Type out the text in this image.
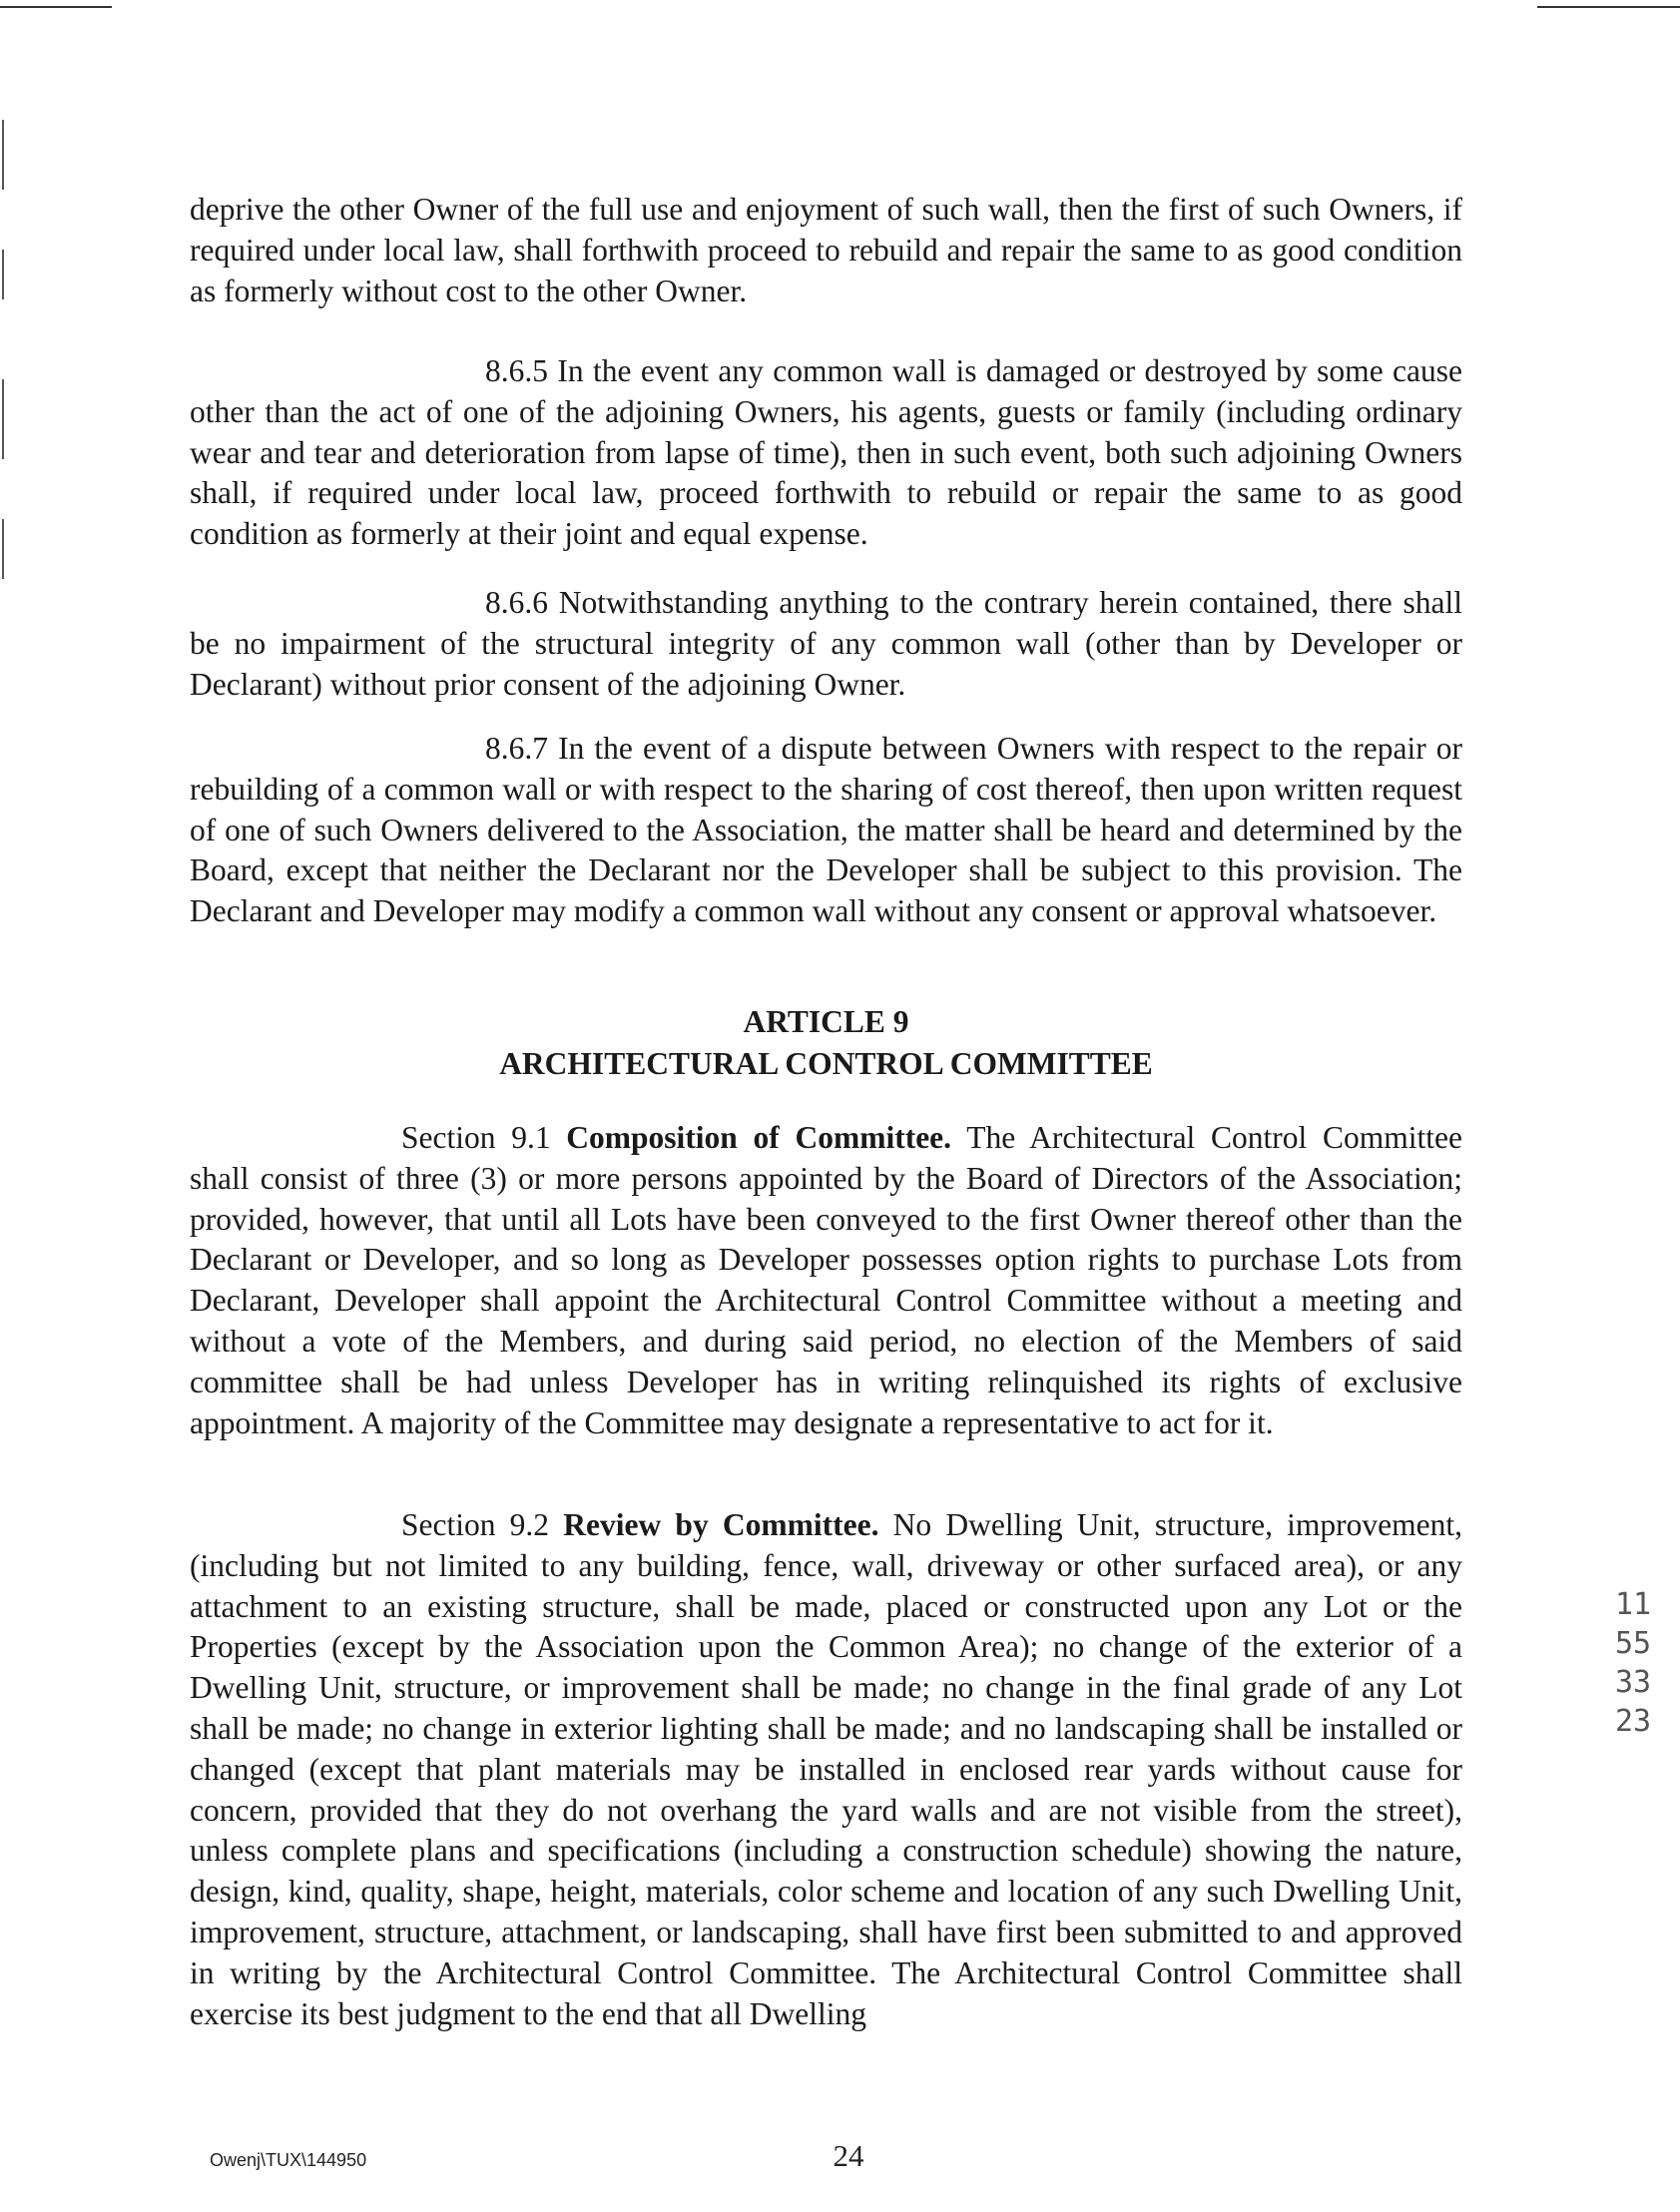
deprive the other Owner of the full use and enjoyment of such wall, then the first of such Owners, if required under local law, shall forthwith proceed to rebuild and repair the same to as good condition as formerly without cost to the other Owner.

8.6.5 In the event any common wall is damaged or destroyed by some cause other than the act of one of the adjoining Owners, his agents, guests or family (including ordinary wear and tear and deterioration from lapse of time), then in such event, both such adjoining Owners shall, if required under local law, proceed forthwith to rebuild or repair the same to as good condition as formerly at their joint and equal expense.

8.6.6 Notwithstanding anything to the contrary herein contained, there shall be no impairment of the structural integrity of any common wall (other than by Developer or Declarant) without prior consent of the adjoining Owner.

8.6.7 In the event of a dispute between Owners with respect to the repair or rebuilding of a common wall or with respect to the sharing of cost thereof, then upon written request of one of such Owners delivered to the Association, the matter shall be heard and determined by the Board, except that neither the Declarant nor the Developer shall be subject to this provision. The Declarant and Developer may modify a common wall without any consent or approval whatsoever.

ARTICLE 9
ARCHITECTURAL CONTROL COMMITTEE

Section 9.1 Composition of Committee. The Architectural Control Committee shall consist of three (3) or more persons appointed by the Board of Directors of the Association; provided, however, that until all Lots have been conveyed to the first Owner thereof other than the Declarant or Developer, and so long as Developer possesses option rights to purchase Lots from Declarant, Developer shall appoint the Architectural Control Committee without a meeting and without a vote of the Members, and during said period, no election of the Members of said committee shall be had unless Developer has in writing relinquished its rights of exclusive appointment. A majority of the Committee may designate a representative to act for it.

Section 9.2 Review by Committee. No Dwelling Unit, structure, improvement, (including but not limited to any building, fence, wall, driveway or other surfaced area), or any attachment to an existing structure, shall be made, placed or constructed upon any Lot or the Properties (except by the Association upon the Common Area); no change of the exterior of a Dwelling Unit, structure, or improvement shall be made; no change in the final grade of any Lot shall be made; no change in exterior lighting shall be made; and no landscaping shall be installed or changed (except that plant materials may be installed in enclosed rear yards without cause for concern, provided that they do not overhang the yard walls and are not visible from the street), unless complete plans and specifications (including a construction schedule) showing the nature, design, kind, quality, shape, height, materials, color scheme and location of any such Dwelling Unit, improvement, structure, attachment, or landscaping, shall have first been submitted to and approved in writing by the Architectural Control Committee. The Architectural Control Committee shall exercise its best judgment to the end that all Dwelling

1155 3323
Owenj\TUX\144950	24
